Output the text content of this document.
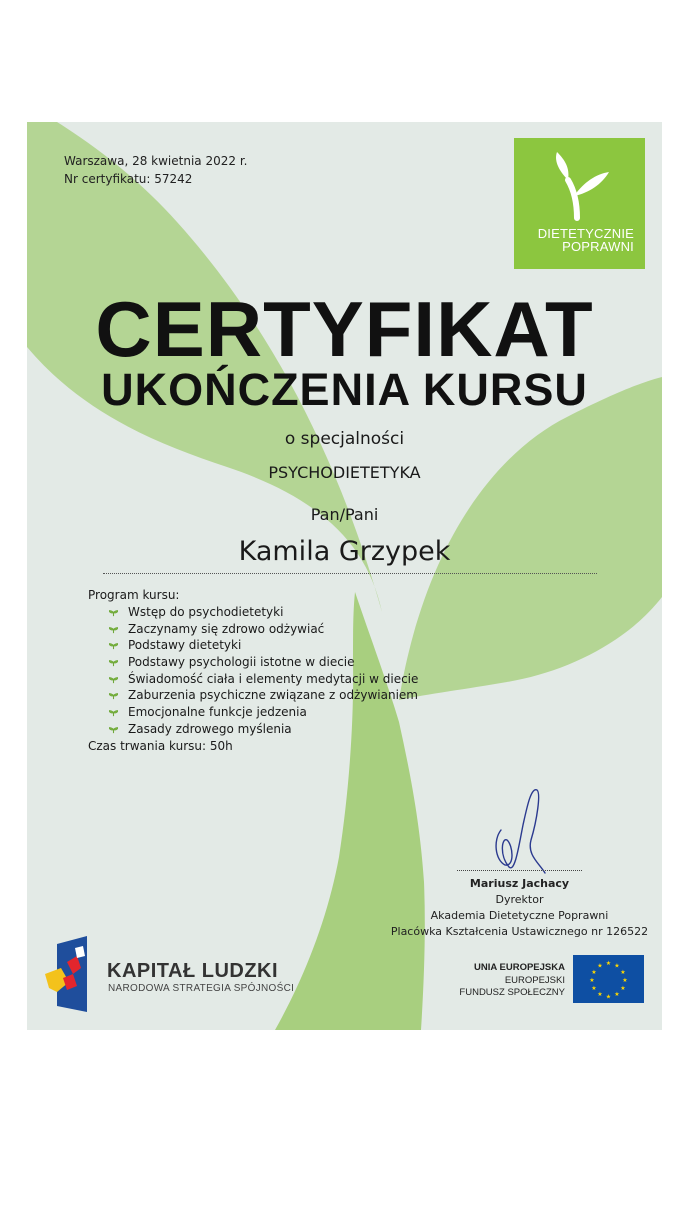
Warszawa, 28 kwietnia 2022 r.
Nr certyfikatu: 57242
DIETETYCZNIE
POPRAWNI
CERTYFIKAT
UKOŃCZENIA KURSU
o specjalności
PSYCHODIETETYKA
Pan/Pani
Kamila Grzypek
Program kursu:
Wstęp do psychodietetyki
Zaczynamy się zdrowo odżywiać
Podstawy dietetyki
Podstawy psychologii istotne w diecie
Świadomość ciała i elementy medytacji w diecie
Zaburzenia psychiczne związane z odżywianiem
Emocjonalne funkcje jedzenia
Zasady zdrowego myślenia
Czas trwania kursu: 50h
Mariusz Jachacy
Dyrektor
Akademia Dietetyczne Poprawni
Placówka Kształcenia Ustawicznego nr 126522
KAPITAŁ LUDZKI
NARODOWA STRATEGIA SPÓJNOŚCI
UNIA EUROPEJSKA
EUROPEJSKI
FUNDUSZ SPOŁECZNY
★ ★
★
★
★
★
★
★
★
★
★
★
